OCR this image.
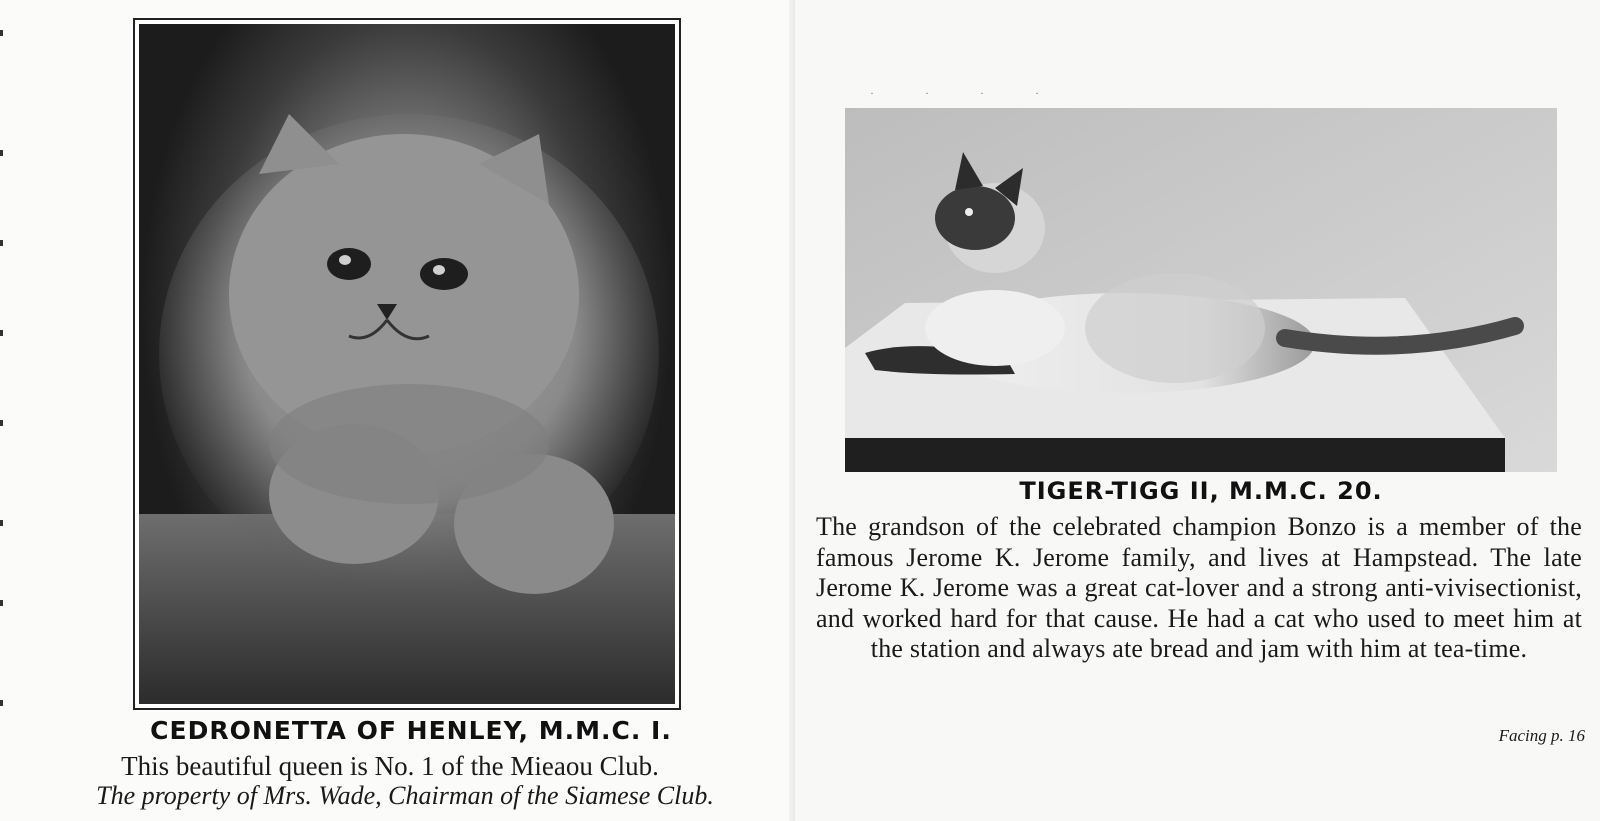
CEDRONETTA OF HENLEY, M.M.C. I.
This beautiful queen is No. 1 of the Mieaou Club.
The property of Mrs. Wade, Chairman of the Siamese Club.
· · · ·
TIGER-TIGG II, M.M.C. 20.
The grandson of the celebrated champion Bonzo is a member of the famous Jerome K. Jerome family, and lives at Hampstead. The late Jerome K. Jerome was a great cat-lover and a strong anti-vivisectionist, and worked hard for that cause. He had a cat who used to meet him at the station and always ate bread and jam with him at tea-time.
Facing p. 16
